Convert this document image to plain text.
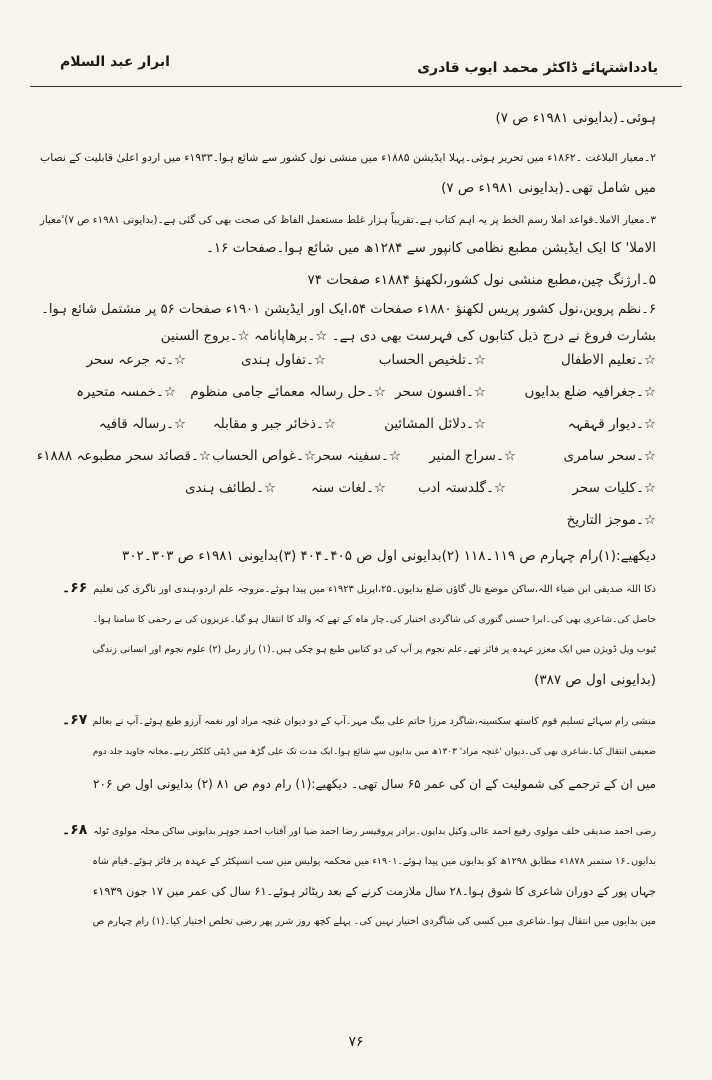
یادداشتہائے ڈاکٹر محمد ایوب قادری
ابرار عبد السلام
ہوئی۔(بدایونی ۱۹۸۱ء ص ۷)
۲۔معیار البلاغت ۔۱۸۶۲ء میں تحریر ہوئی۔پہلا ایڈیشن ۱۸۸۵ء میں منشی نول کشور سے شائع ہوا۔۱۹۳۳ء میں اردو اعلیٰ قابلیت کے نصاب
میں شامل تھی۔(بدایونی ۱۹۸۱ء ص ۷)
۳۔معیار الاملا۔قواعد املا رسم الخط پر یہ اہم کتاب ہے۔تقریباً ہزار غلط مستعمل الفاظ کی صحت بھی کی گئی ہے۔(بدایونی ۱۹۸۱ء ص ۷)'معیار
الاملا' کا ایک ایڈیشن مطبع نظامی کانپور سے ۱۲۸۴ھ میں شائع ہوا۔صفحات ۱۶۔
۵۔ارژنگ چین،مطبع منشی نول کشور،لکھنؤ ۱۸۸۴ء صفحات ۷۴
۶۔نظم پروین،نول کشور پریس لکھنؤ ۱۸۸۰ء صفحات ۵۴،ایک اور ایڈیشن ۱۹۰۱ء صفحات ۵۶ پر مشتمل شائع ہوا۔
بشارت فروغ نے درج ذیل کتابوں کی فہرست بھی دی ہے۔ ☆۔برھاپانامہ ☆۔بروج السنین
☆۔تعلیم الاطفال
☆۔تلخیص الحساب
☆۔تفاول ہندی
☆۔تہ جرعہ سحر
☆۔جغرافیہ ضلع بدایوں
☆۔افسون سحر
☆۔حل رسالہ معمائے جامی منظوم
☆۔خمسہ متحیرہ
☆۔دیوار قہقہہ
☆۔دلائل المشائین
☆۔ذخائر جبر و مقابلہ
☆۔رسالہ قافیہ
☆۔سحر سامری
☆۔سراج المنیر
☆۔سفینہ سحر
☆۔غواص الحساب
☆۔قصائد سحر مطبوعہ ۱۸۸۸ء
☆۔کلیات سحر
☆۔گلدستہ ادب
☆۔لغات سنہ
☆۔لطائف ہندی
☆۔موجز التاریخ
دیکھیے:(۱)رام چہارم ص ۱۱۹۔۱۱۸ (۲)بدایونی اول ص ۴۰۵۔۴۰۴ (۳)بدایونی ۱۹۸۱ء ص ۳۰۳۔۳۰۲
۶۶۔ ذکا اللہ صدیقی ابن ضیاء اللہ،ساکن موضع تال گاؤں ضلع بدایوں۔۲۵،اپریل ۱۹۲۳ء میں پیدا ہوئے۔مروجہ علم اردو،ہندی اور ناگری کی تعلیم
حاصل کی۔شاعری بھی کی۔ابرا حسنی گنوری کی شاگردی اختیار کی۔چار ماہ کے تھے کہ والد کا انتقال ہو گیا۔عزیزوں کی بے رحمی کا سامنا ہوا۔
ٹیوب ویل ڈویژن میں ایک معزز عہدہ پر فائز تھے۔علم نجوم پر آپ کی دو کتابیں طبع ہو چکی ہیں۔(۱) راز رمل (۲) علوم نجوم اور انسانی زندگی
(بدایونی اول ص ۳۸۷)
۶۷۔ منشی رام سہائے تسلیم قوم کاستھ سکسینہ،شاگرد مرزا حاتم علی بیگ مہر۔آپ کے دو دیوان غنچہ مراد اور نغمہ آرزو طبع ہوئے۔آپ نے بعالم
ضعیفی انتقال کیا۔شاعری بھی کی۔دیوان 'غنچہ مراد' ۱۳۰۳ھ میں بدایوں سے شائع ہوا۔ایک مدت تک علی گڑھ میں ڈپٹی کلکٹر رہے۔مخانہ جاوید جلد دوم
میں ان کے ترجمے کی شمولیت کے ان کی عمر ۶۵ سال تھی۔ دیکھیے:(۱) رام دوم ص ۸۱ (۲) بدایونی اول ص ۲۰۶
۶۸۔ رضی احمد صدیقی خلف مولوی رفیع احمد عالی وکیل بدایوں۔برادر پروفیسر رضا احمد ضیا اور آفتاب احمد جوہر بدایونی ساکن محلہ مولوی ٹولہ
بدایوں۔۱۶ ستمبر ۱۸۷۸ء مطابق ۱۲۹۸ھ کو بدایوں میں پیدا ہوئے۔۱۹۰۱ء میں محکمہ پولیس میں سب انسپکٹر کے عہدہ پر فائز ہوئے۔قیام شاہ
جہاں پور کے دوران شاعری کا شوق ہوا۔۲۸ سال ملازمت کرنے کے بعد ریٹائر ہوئے۔۶۱ سال کی عمر میں ۱۷ جون ۱۹۳۹ء
میں بدایوں میں انتقال ہوا۔شاعری میں کسی کی شاگردی اختیار نہیں کی۔ پہلے کچھ روز شرر پھر رضی تخلص اختیار کیا۔(۱) رام چہارم ص
۷۶
